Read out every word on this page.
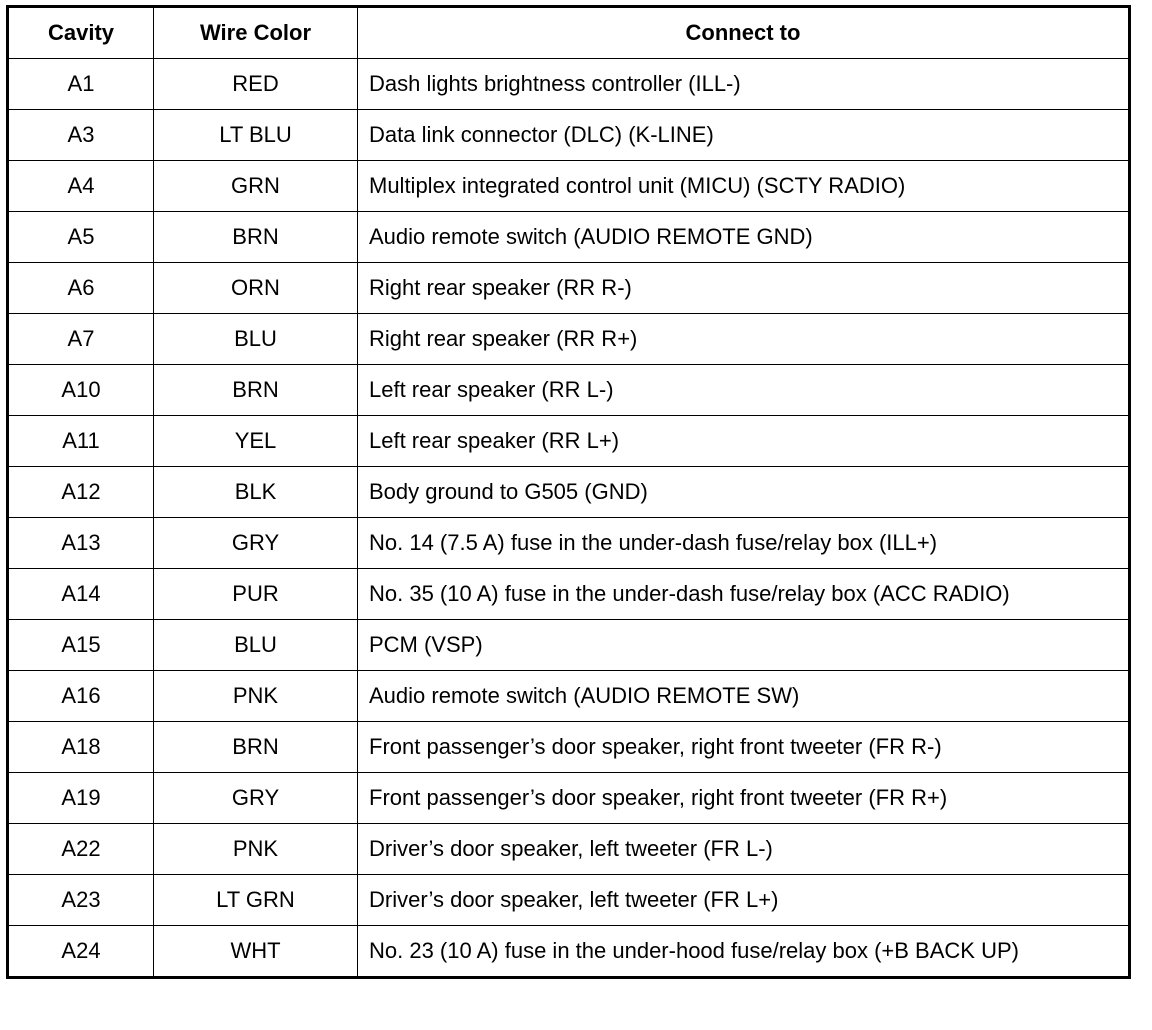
Cavity	Wire Color	Connect to
A1	RED	Dash lights brightness controller (ILL-)
A3	LT BLU	Data link connector (DLC) (K-LINE)
A4	GRN	Multiplex integrated control unit (MICU) (SCTY RADIO)
A5	BRN	Audio remote switch (AUDIO REMOTE GND)
A6	ORN	Right rear speaker (RR R-)
A7	BLU	Right rear speaker (RR R+)
A10	BRN	Left rear speaker (RR L-)
A11	YEL	Left rear speaker (RR L+)
A12	BLK	Body ground to G505 (GND)
A13	GRY	No. 14 (7.5 A) fuse in the under-dash fuse/relay box (ILL+)
A14	PUR	No. 35 (10 A) fuse in the under-dash fuse/relay box (ACC RADIO)
A15	BLU	PCM (VSP)
A16	PNK	Audio remote switch (AUDIO REMOTE SW)
A18	BRN	Front passenger’s door speaker, right front tweeter (FR R-)
A19	GRY	Front passenger’s door speaker, right front tweeter (FR R+)
A22	PNK	Driver’s door speaker, left tweeter (FR L-)
A23	LT GRN	Driver’s door speaker, left tweeter (FR L+)
A24	WHT	No. 23 (10 A) fuse in the under-hood fuse/relay box (+B BACK UP)
